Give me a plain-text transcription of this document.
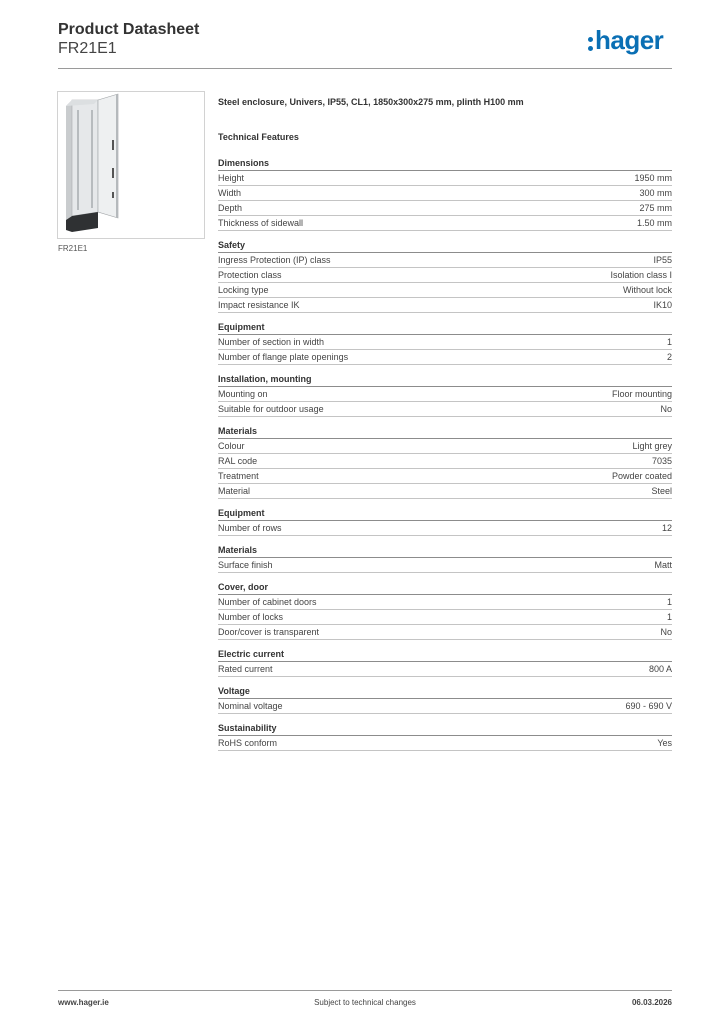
Product Datasheet
FR21E1	hager
FR21E1
Steel enclosure, Univers, IP55, CL1, 1850x300x275 mm, plinth H100 mm
Technical Features
Dimensions
Height	1950 mm
Width	300 mm
Depth	275 mm
Thickness of sidewall	1.50 mm
Safety
Ingress Protection (IP) class	IP55
Protection class	Isolation class I
Locking type	Without lock
Impact resistance IK	IK10
Equipment
Number of section in width	1
Number of flange plate openings	2
Installation, mounting
Mounting on	Floor mounting
Suitable for outdoor usage	No
Materials
Colour	Light grey
RAL code	7035
Treatment	Powder coated
Material	Steel
Equipment
Number of rows	12
Materials
Surface finish	Matt
Cover, door
Number of cabinet doors	1
Number of locks	1
Door/cover is transparent	No
Electric current
Rated current	800 A
Voltage
Nominal voltage	690 - 690 V
Sustainability
RoHS conform	Yes
www.hager.ie	Subject to technical changes	06.03.2026
